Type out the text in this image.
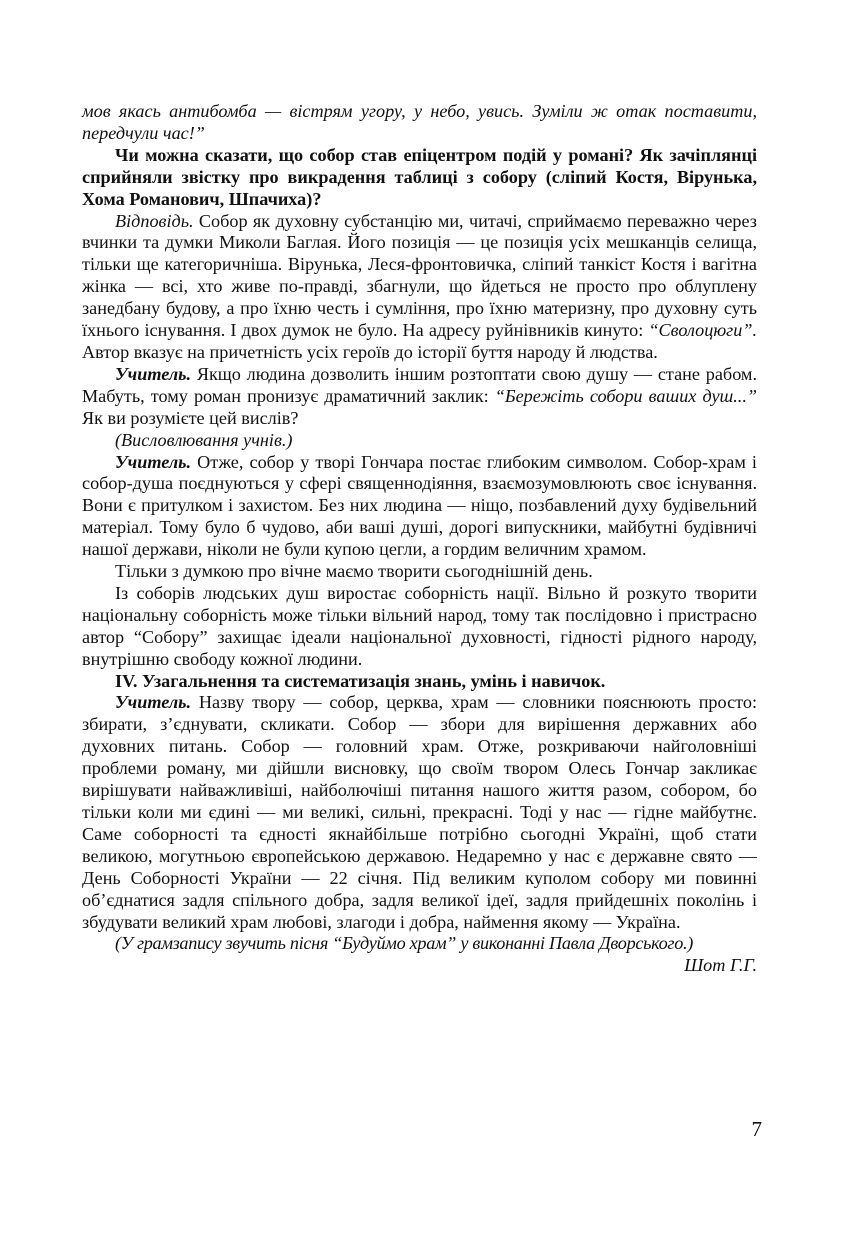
мов якась антибомба — вістрям угору, у небо, увись. Зуміли ж отак поставити, передчули час!”

Чи можна сказати, що собор став епіцентром подій у романі? Як зачіплянці сприйняли звістку про викрадення таблиці з собору (сліпий Костя, Вірунька, Хома Романович, Шпачиха)?

Відповідь. Собор як духовну субстанцію ми, читачі, сприймаємо переважно через вчинки та думки Миколи Баглая. Його позиція — це позиція усіх мешканців селища, тільки ще категоричніша. Вірунька, Леся-фронтовичка, сліпий танкіст Костя і вагітна жінка — всі, хто живе по-правді, збагнули, що йдеться не просто про облуплену занедбану будову, а про їхню честь і сумління, про їхню материзну, про духовну суть їхнього існування. І двох думок не було. На адресу руйнівників кинуто: “Сволоцюги”. Автор вказує на причетність усіх героїв до історії буття народу й людства.

Учитель. Якщо людина дозволить іншим розтоптати свою душу — стане рабом. Мабуть, тому роман пронизує драматичний заклик: “Бережіть собори ваших душ...” Як ви розумієте цей вислів?

(Висловлювання учнів.)

Учитель. Отже, собор у творі Гончара постає глибоким символом. Собор-храм і собор-душа поєднуються у сфері священнодіяння, взаємозумовлюють своє існування. Вони є притулком і захистом. Без них людина — ніщо, позбавлений духу будівельний матеріал. Тому було б чудово, аби ваші душі, дорогі випускники, майбутні будівничі нашої держави, ніколи не були купою цегли, а гордим величним храмом.

Тільки з думкою про вічне маємо творити сьогоднішній день.

Із соборів людських душ виростає соборність нації. Вільно й розкуто творити національну соборність може тільки вільний народ, тому так послідовно і пристрасно автор “Собору” захищає ідеали національної духовності, гідності рідного народу, внутрішню свободу кожної людини.

IV. Узагальнення та систематизація знань, умінь і навичок.

Учитель. Назву твору — собор, церква, храм — словники пояснюють просто: збирати, з’єднувати, скликати. Собор — збори для вирішення державних або духовних питань. Собор — головний храм. Отже, розкриваючи найголовніші проблеми роману, ми дійшли висновку, що своїм твором Олесь Гончар закликає вирішувати найважливіші, найболючіші питання нашого життя разом, собором, бо тільки коли ми єдині — ми великі, сильні, прекрасні. Тоді у нас — гідне майбутнє. Саме соборності та єдності якнайбільше потрібно сьогодні Україні, щоб стати великою, могутньою європейською державою. Недаремно у нас є державне свято — День Соборності України — 22 січня. Під великим куполом собору ми повинні об’єднатися задля спільного добра, задля великої ідеї, задля прийдешніх поколінь і збудувати великий храм любові, злагоди і добра, наймення якому — Україна.

(У грамзапису звучить пісня “Будуймо храм” у виконанні Павла Дворського.)

Шот Г.Г.

7
